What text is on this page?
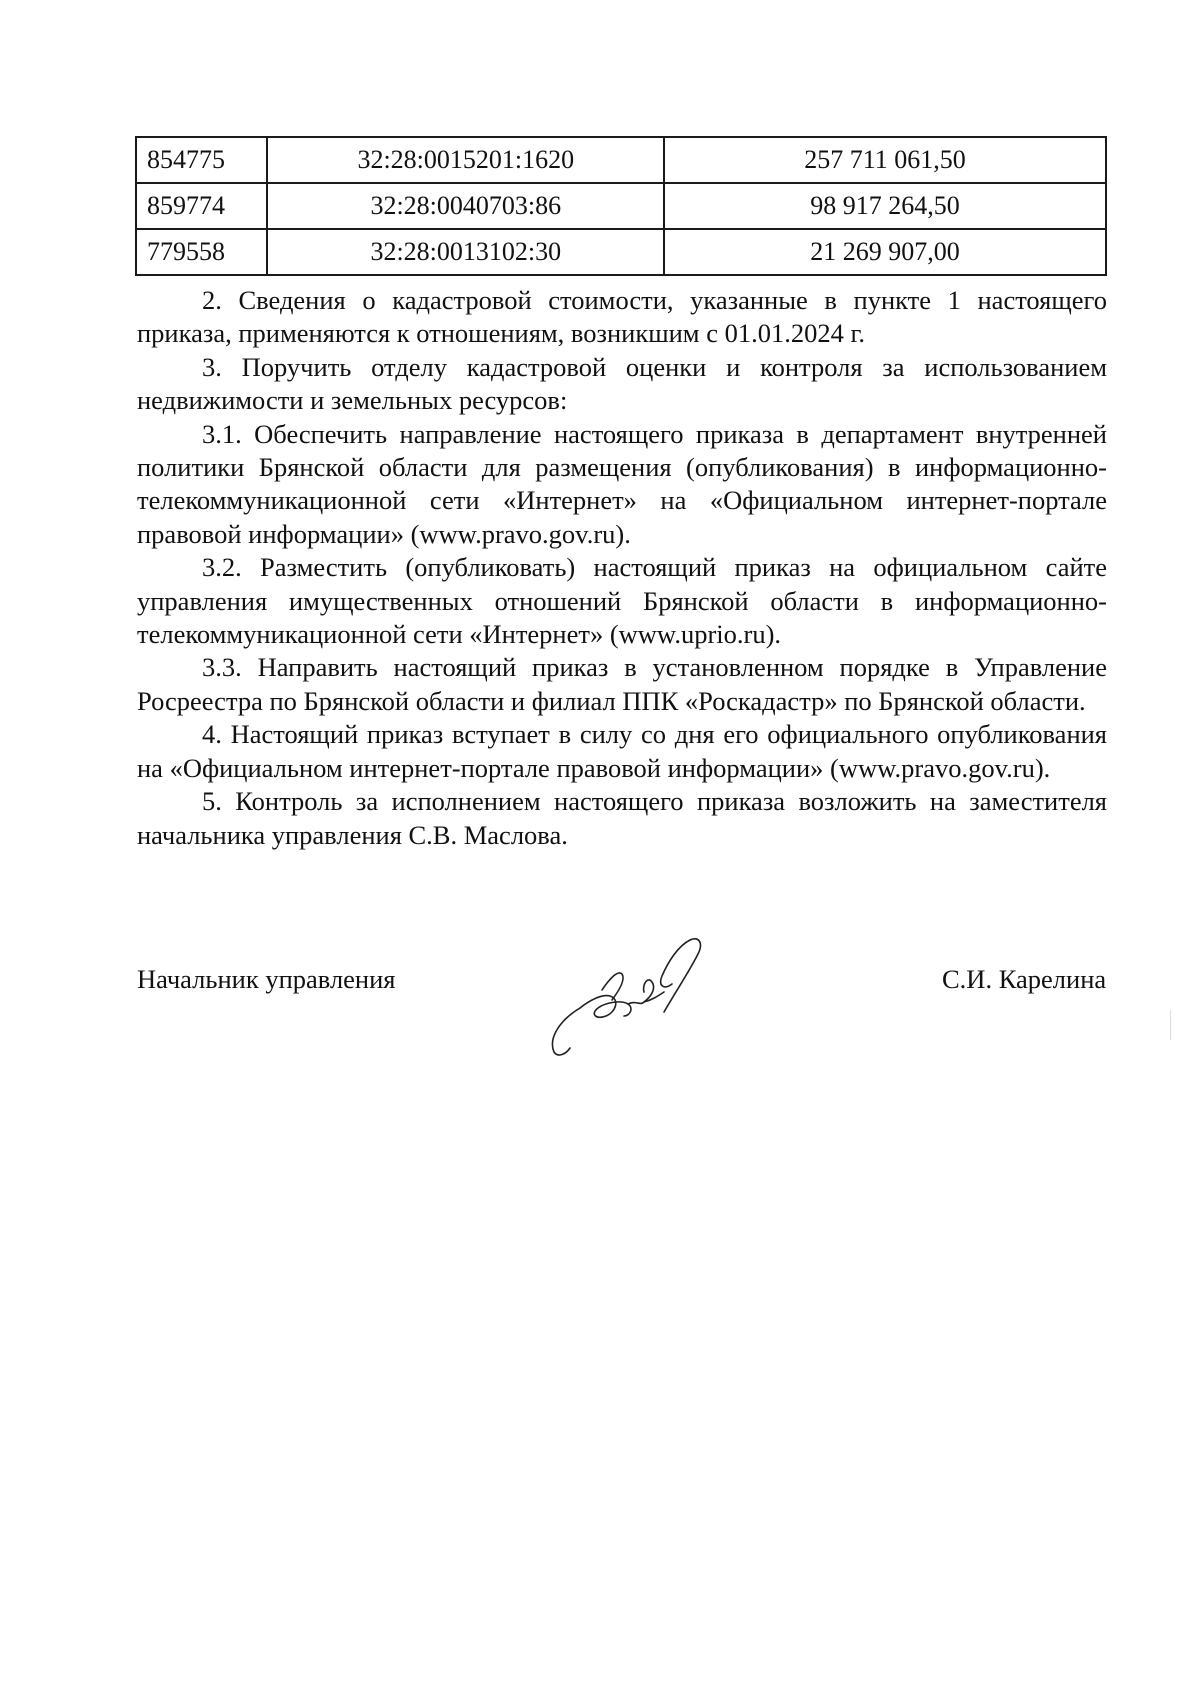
854775	32:28:0015201:1620	257 711 061,50
859774	32:28:0040703:86	98 917 264,50
779558	32:28:0013102:30	21 269 907,00

2. Сведения о кадастровой стоимости, указанные в пункте 1 настоящего приказа, применяются к отношениям, возникшим с 01.01.2024 г.

3. Поручить отделу кадастровой оценки и контроля за использованием недвижимости и земельных ресурсов:

3.1. Обеспечить направление настоящего приказа в департамент внутренней политики Брянской области для размещения (опубликования) в информационно-телекоммуникационной сети «Интернет» на «Официальном интернет-портале правовой информации» (www.pravo.gov.ru).

3.2. Разместить (опубликовать) настоящий приказ на официальном сайте управления имущественных отношений Брянской области в информационно-телекоммуникационной сети «Интернет» (www.uprio.ru).

3.3. Направить настоящий приказ в установленном порядке в Управление Росреестра по Брянской области и филиал ППК «Роскадастр» по Брянской области.

4. Настоящий приказ вступает в силу со дня его официального опубликования на «Официальном интернет-портале правовой информации» (www.pravo.gov.ru).

5. Контроль за исполнением настоящего приказа возложить на заместителя начальника управления С.В. Маслова.

Начальник управления	С.И. Карелина
